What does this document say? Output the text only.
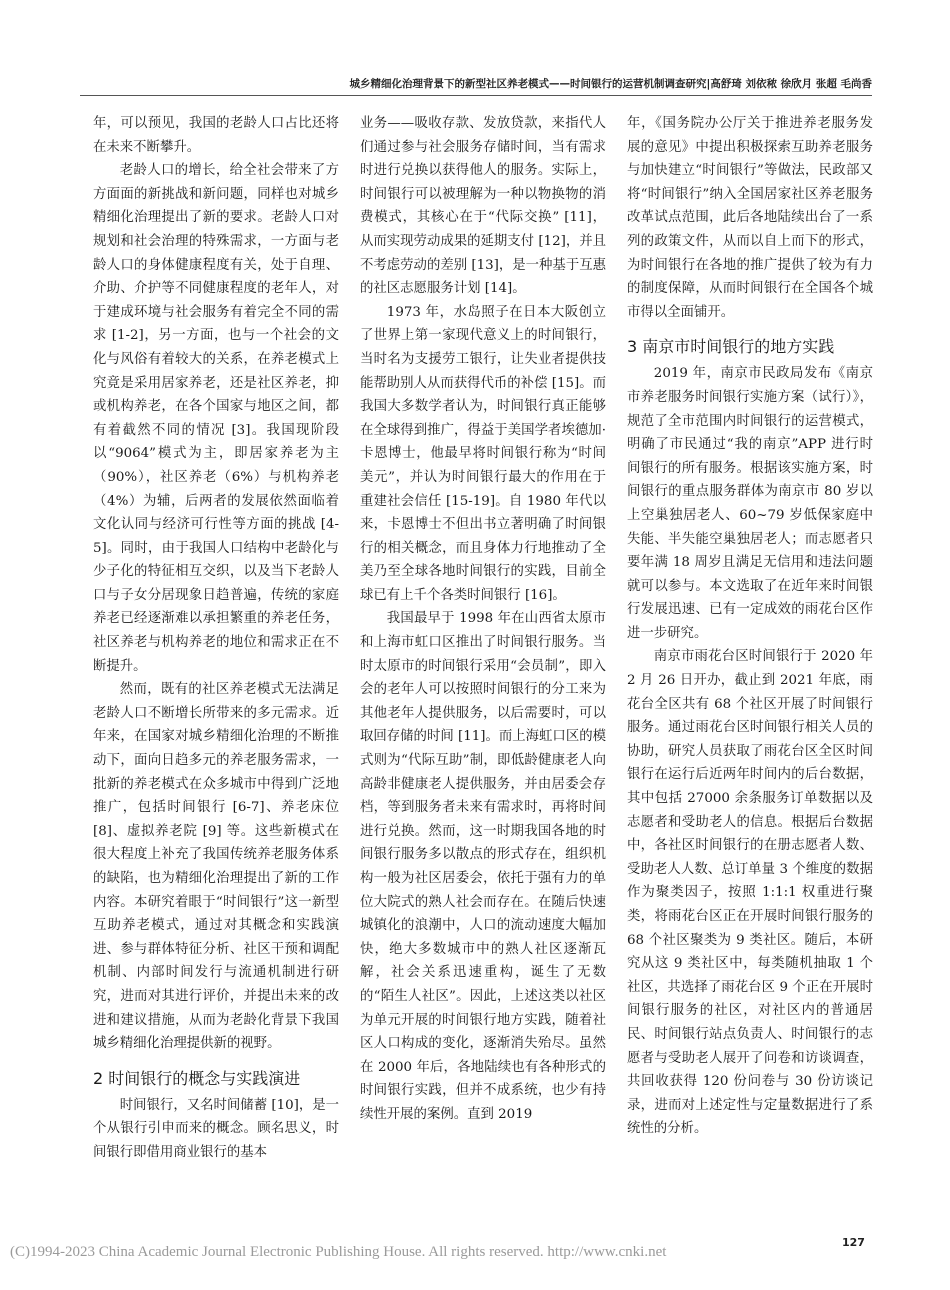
城乡精细化治理背景下的新型社区养老模式——时间银行的运营机制调查研究|高舒琦 刘依秾 徐欣月 张超 毛尚香

年，可以预见，我国的老龄人口占比还将在未来不断攀升。

老龄人口的增长，给全社会带来了方方面面的新挑战和新问题，同样也对城乡精细化治理提出了新的要求。老龄人口对规划和社会治理的特殊需求，一方面与老龄人口的身体健康程度有关，处于自理、介助、介护等不同健康程度的老年人，对于建成环境与社会服务有着完全不同的需求 [1-2]，另一方面，也与一个社会的文化与风俗有着较大的关系，在养老模式上究竟是采用居家养老，还是社区养老，抑或机构养老，在各个国家与地区之间，都有着截然不同的情况 [3]。我国现阶段以“9064”模式为主，即居家养老为主（90%），社区养老（6%）与机构养老（4%）为辅，后两者的发展依然面临着文化认同与经济可行性等方面的挑战 [4-5]。同时，由于我国人口结构中老龄化与少子化的特征相互交织，以及当下老龄人口与子女分居现象日趋普遍，传统的家庭养老已经逐渐难以承担繁重的养老任务，社区养老与机构养老的地位和需求正在不断提升。

然而，既有的社区养老模式无法满足老龄人口不断增长所带来的多元需求。近年来，在国家对城乡精细化治理的不断推动下，面向日趋多元的养老服务需求，一批新的养老模式在众多城市中得到广泛地推广，包括时间银行 [6-7]、养老床位 [8]、虚拟养老院 [9] 等。这些新模式在很大程度上补充了我国传统养老服务体系的缺陷，也为精细化治理提出了新的工作内容。本研究着眼于“时间银行”这一新型互助养老模式，通过对其概念和实践演进、参与群体特征分析、社区干预和调配机制、内部时间发行与流通机制进行研究，进而对其进行评价，并提出未来的改进和建议措施，从而为老龄化背景下我国城乡精细化治理提供新的视野。

2 时间银行的概念与实践演进

时间银行，又名时间储蓄 [10]，是一个从银行引申而来的概念。顾名思义，时间银行即借用商业银行的基本

业务——吸收存款、发放贷款，来指代人们通过参与社会服务存储时间，当有需求时进行兑换以获得他人的服务。实际上，时间银行可以被理解为一种以物换物的消费模式，其核心在于“代际交换” [11]，从而实现劳动成果的延期支付 [12]，并且不考虑劳动的差别 [13]，是一种基于互惠的社区志愿服务计划 [14]。

1973 年，水岛照子在日本大阪创立了世界上第一家现代意义上的时间银行，当时名为支援劳工银行，让失业者提供技能帮助别人从而获得代币的补偿 [15]。而我国大多数学者认为，时间银行真正能够在全球得到推广，得益于美国学者埃德加·卡恩博士，他最早将时间银行称为“时间美元”，并认为时间银行最大的作用在于重建社会信任 [15-19]。自 1980 年代以来，卡恩博士不但出书立著明确了时间银行的相关概念，而且身体力行地推动了全美乃至全球各地时间银行的实践，目前全球已有上千个各类时间银行 [16]。

我国最早于 1998 年在山西省太原市和上海市虹口区推出了时间银行服务。当时太原市的时间银行采用“会员制”，即入会的老年人可以按照时间银行的分工来为其他老年人提供服务，以后需要时，可以取回存储的时间 [11]。而上海虹口区的模式则为“代际互助”制，即低龄健康老人向高龄非健康老人提供服务，并由居委会存档，等到服务者未来有需求时，再将时间进行兑换。然而，这一时期我国各地的时间银行服务多以散点的形式存在，组织机构一般为社区居委会，依托于强有力的单位大院式的熟人社会而存在。在随后快速城镇化的浪潮中，人口的流动速度大幅加快，绝大多数城市中的熟人社区逐渐瓦解，社会关系迅速重构，诞生了无数的“陌生人社区”。因此，上述这类以社区为单元开展的时间银行地方实践，随着社区人口构成的变化，逐渐消失殆尽。虽然在 2000 年后，各地陆续也有各种形式的时间银行实践，但并不成系统，也少有持续性开展的案例。直到 2019

年，《国务院办公厅关于推进养老服务发展的意见》中提出积极探索互助养老服务与加快建立“时间银行”等做法，民政部又将“时间银行”纳入全国居家社区养老服务改革试点范围，此后各地陆续出台了一系列的政策文件，从而以自上而下的形式，为时间银行在各地的推广提供了较为有力的制度保障，从而时间银行在全国各个城市得以全面铺开。

3 南京市时间银行的地方实践

2019 年，南京市民政局发布《南京市养老服务时间银行实施方案（试行）》，规范了全市范围内时间银行的运营模式，明确了市民通过“我的南京”APP 进行时间银行的所有服务。根据该实施方案，时间银行的重点服务群体为南京市 80 岁以上空巢独居老人、60~79 岁低保家庭中失能、半失能空巢独居老人；而志愿者只要年满 18 周岁且满足无信用和违法问题就可以参与。本文选取了在近年来时间银行发展迅速、已有一定成效的雨花台区作进一步研究。

南京市雨花台区时间银行于 2020 年 2 月 26 日开办，截止到 2021 年底，雨花台全区共有 68 个社区开展了时间银行服务。通过雨花台区时间银行相关人员的协助，研究人员获取了雨花台区全区时间银行在运行后近两年时间内的后台数据，其中包括 27000 余条服务订单数据以及志愿者和受助老人的信息。根据后台数据中，各社区时间银行的在册志愿者人数、受助老人人数、总订单量 3 个维度的数据作为聚类因子，按照 1:1:1 权重进行聚类，将雨花台区正在开展时间银行服务的 68 个社区聚类为 9 类社区。随后，本研究从这 9 类社区中，每类随机抽取 1 个社区，共选择了雨花台区 9 个正在开展时间银行服务的社区，对社区内的普通居民、时间银行站点负责人、时间银行的志愿者与受助老人展开了问卷和访谈调查，共回收获得 120 份问卷与 30 份访谈记录，进而对上述定性与定量数据进行了系统性的分析。

(C)1994-2023 China Academic Journal Electronic Publishing House. All rights reserved. http://www.cnki.net
127
